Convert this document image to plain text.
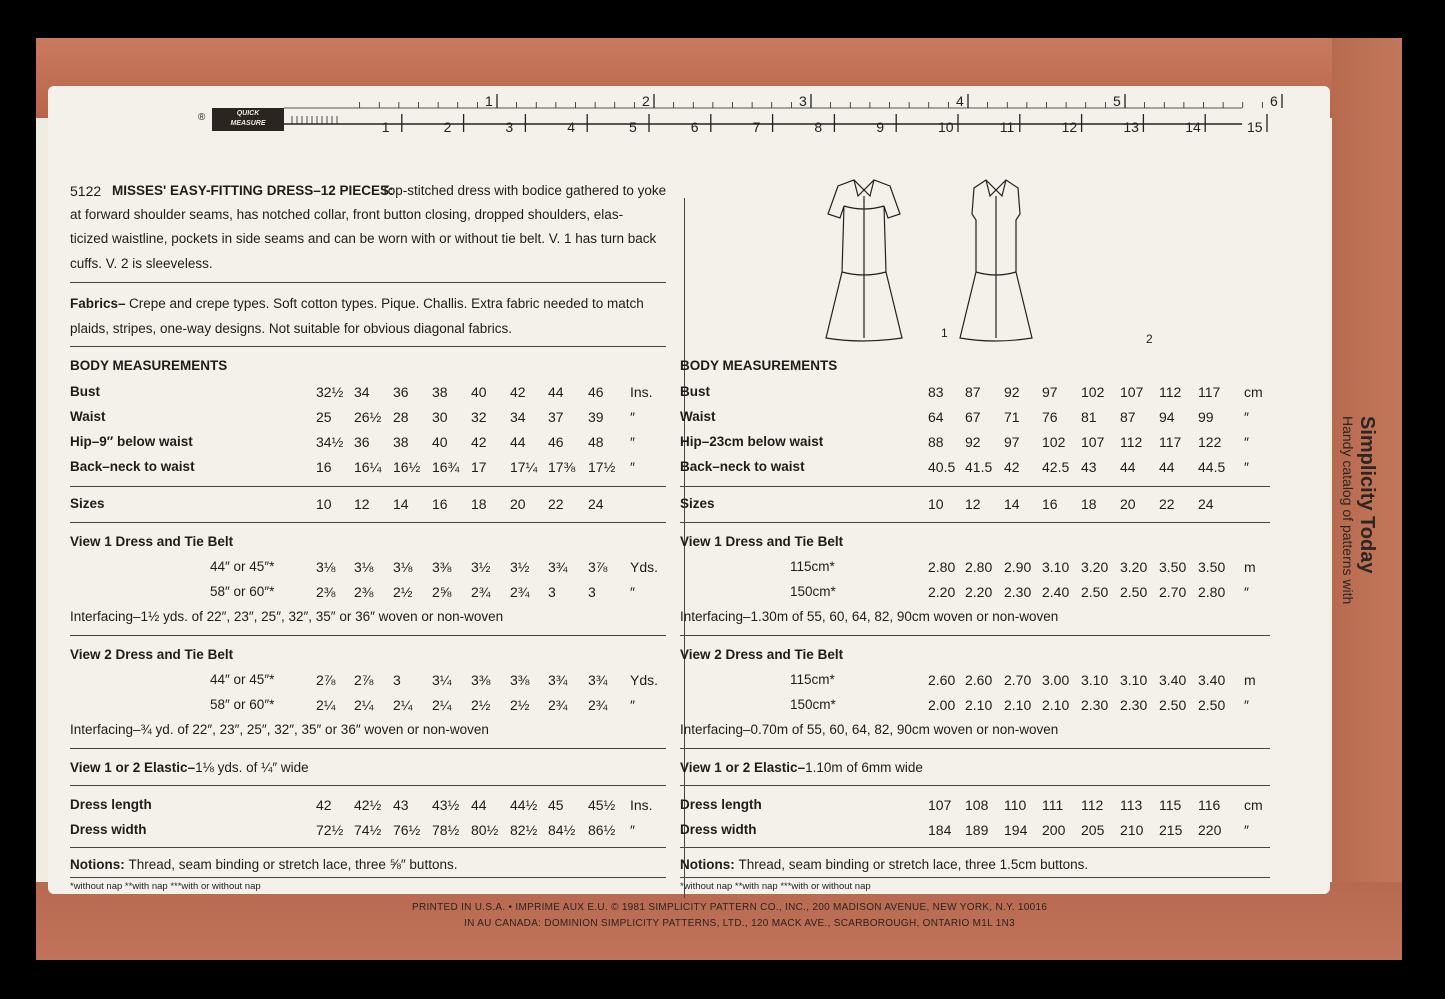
®	QUICK
MEASURE
1	2	3	4	5	6
1	2	3	4	5	6	7	8	9	10	11	12	13	14	15
5122 MISSES' EASY-FITTING DRESS–12 PIECES:
Top-stitched dress with bodice gathered to yoke
at forward shoulder seams, has notched collar, front button closing, dropped shoulders, elas-
ticized waistline, pockets in side seams and can be worn with or without tie belt. V. 1 has turn back
cuffs. V. 2 is sleeveless.
Fabrics– Crepe and crepe types. Soft cotton types. Pique. Challis. Extra fabric needed to match
plaids, stripes, one-way designs. Not suitable for obvious diagonal fabrics.	1	2
BODY MEASUREMENTS
Bust	32½ 34 36 38 40 42 44 46 Ins.
Waist	25 26½ 28 30 32 34 37 39 ″
Hip–9″ below waist	34½ 36 38 40 42 44 46 48 ″
Back–neck to waist	16 16¼ 16½ 16¾ 17 17¼ 17⅜ 17½ ″
Sizes	10 12 14 16 18 20 22 24
View 1 Dress and Tie Belt
44″ or 45″*	3⅛ 3⅛ 3⅛ 3⅜ 3½ 3½ 3¾ 3⅞ Yds.
58″ or 60″*	2⅜ 2⅜ 2½ 2⅝ 2¾ 2¾ 3 3 ″
Interfacing–1½ yds. of 22″, 23″, 25″, 32″, 35″ or 36″ woven or non-woven
View 2 Dress and Tie Belt
44″ or 45″*	2⅞ 2⅞ 3 3¼ 3⅜ 3⅜ 3¾ 3¾ Yds.
58″ or 60″*	2¼ 2¼ 2¼ 2¼ 2½ 2½ 2¾ 2¾ ″
Interfacing–¾ yd. of 22″, 23″, 25″, 32″, 35″ or 36″ woven or non-woven
View 1 or 2 Elastic–1⅛ yds. of ¼″ wide
Dress length	42 42½ 43 43½ 44 44½ 45 45½ Ins.
Dress width	72½ 74½ 76½ 78½ 80½ 82½ 84½ 86½ ″
Notions: Thread, seam binding or stretch lace, three ⅝″ buttons.
*without nap **with nap ***with or without nap
BODY MEASUREMENTS
Bust	83 87 92 97 102 107 112 117 cm
Waist	64 67 71 76 81 87 94 99 ″
Hip–23cm below waist	88 92 97 102 107 112 117 122 ″
Back–neck to waist	40.5 41.5 42 42.5 43 44 44 44.5 ″
Sizes	10 12 14 16 18 20 22 24
View 1 Dress and Tie Belt
115cm*	2.80 2.80 2.90 3.10 3.20 3.20 3.50 3.50 m
150cm*	2.20 2.20 2.30 2.40 2.50 2.50 2.70 2.80 ″
Interfacing–1.30m of 55, 60, 64, 82, 90cm woven or non-woven
View 2 Dress and Tie Belt
115cm*	2.60 2.60 2.70 3.00 3.10 3.10 3.40 3.40 m
150cm*	2.00 2.10 2.10 2.10 2.30 2.30 2.50 2.50 ″
Interfacing–0.70m of 55, 60, 64, 82, 90cm woven or non-woven
View 1 or 2 Elastic–1.10m of 6mm wide
Dress length	107 108 110 111 112 113 115 116 cm
Dress width	184 189 194 200 205 210 215 220 ″
Notions: Thread, seam binding or stretch lace, three 1.5cm buttons.
*without nap **with nap ***with or without nap
Simplicity Today
Handy catalog of patterns with
PRINTED IN U.S.A. • IMPRIME AUX E.U. © 1981 SIMPLICITY PATTERN CO., INC., 200 MADISON AVENUE, NEW YORK, N.Y. 10016
IN AU CANADA: DOMINION SIMPLICITY PATTERNS, LTD., 120 MACK AVE., SCARBOROUGH, ONTARIO M1L 1N3
